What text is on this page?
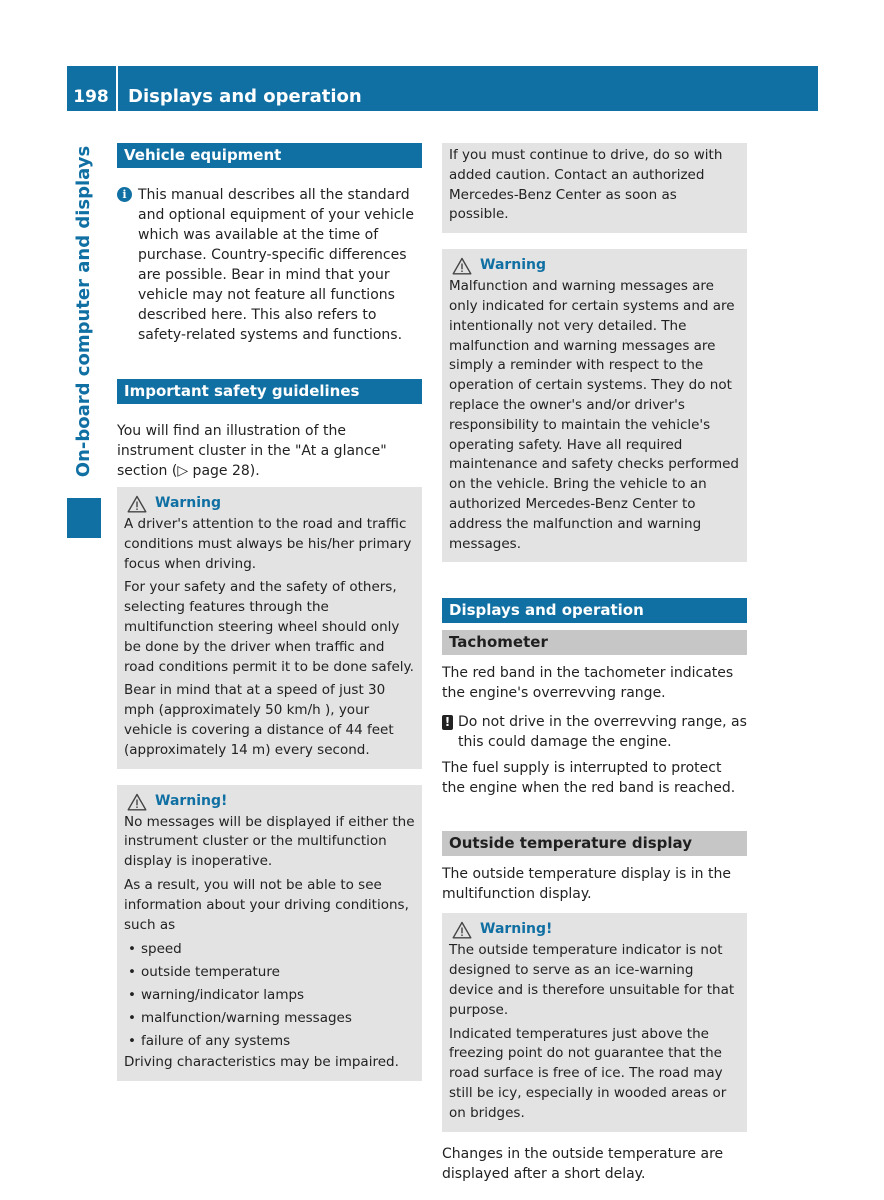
198	Displays and operation
On-board computer and displays	Vehicle equipment
i This manual describes all the standard and optional equipment of your vehicle which was available at the time of purchase. Country-specific differences are possible. Bear in mind that your vehicle may not feature all functions described here. This also refers to safety-related systems and functions.

Important safety guidelines

You will find an illustration of the instrument cluster in the "At a glance" section (▷ page 28).

Warning

A driver's attention to the road and traffic conditions must always be his/her primary focus when driving.

For your safety and the safety of others, selecting features through the multifunction steering wheel should only be done by the driver when traffic and road conditions permit it to be done safely.

Bear in mind that at a speed of just 30 mph (approximately 50 km/h ), your vehicle is covering a distance of 44 feet (approximately 14 m) every second.

Warning!

No messages will be displayed if either the instrument cluster or the multifunction display is inoperative.

As a result, you will not be able to see information about your driving conditions, such as

• speed
• outside temperature
• warning/indicator lamps
• malfunction/warning messages
• failure of any systems

Driving characteristics may be impaired.

If you must continue to drive, do so with added caution. Contact an authorized Mercedes-Benz Center as soon as possible.

Warning

Malfunction and warning messages are only indicated for certain systems and are intentionally not very detailed. The malfunction and warning messages are simply a reminder with respect to the operation of certain systems. They do not replace the owner's and/or driver's responsibility to maintain the vehicle's operating safety. Have all required maintenance and safety checks performed on the vehicle. Bring the vehicle to an authorized Mercedes-Benz Center to address the malfunction and warning messages.

Displays and operation
Tachometer

The red band in the tachometer indicates the engine's overrevving range.

! Do not drive in the overrevving range, as this could damage the engine.

The fuel supply is interrupted to protect the engine when the red band is reached.

Outside temperature display

The outside temperature display is in the multifunction display.

Warning!

The outside temperature indicator is not designed to serve as an ice-warning device and is therefore unsuitable for that purpose.

Indicated temperatures just above the freezing point do not guarantee that the road surface is free of ice. The road may still be icy, especially in wooded areas or on bridges.

Changes in the outside temperature are displayed after a short delay.
